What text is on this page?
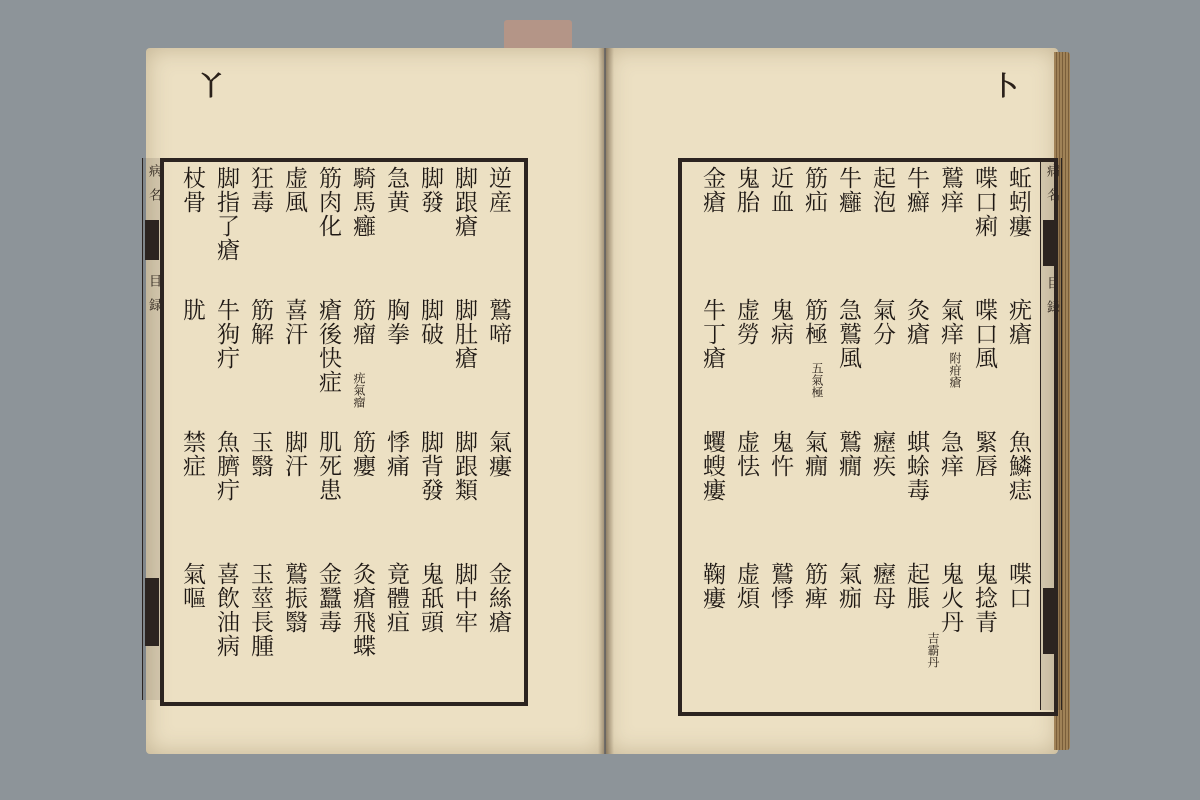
丫	卜
病
名
目
録
病
名
目
録
逆産
鷲啼
氣瘻
金絲瘡
脚跟瘡
脚肚瘡
脚跟類
脚中牢
脚發
脚破
脚背發
鬼舐頭
急黄
胸拳
悸痛
竟體疽
騎馬癰
筋瘤
筋癭
灸瘡飛蝶
筋肉化
瘡後快症
肌死患
金蠶毒
虚風
喜汗
脚汗
鷲振翳
狂毒
筋解
玉翳
玉莖長腫
脚指了瘡
牛狗疔
魚臍疔
喜飲油病
杖骨
肬
禁症
氣嘔
疣氣瘤
蚯蚓瘻
疣瘡
魚鱗痣
喋口
喋口痢
喋口風
緊唇
鬼捻青
鷲痒
氣痒
急痒
鬼火丹
牛癬
灸瘡
蜞蜍毒
起脹
起泡
氣分
癧疾
癧母
牛癰
急鷲風
鷲癇
氣痂
筋疝
筋極
氣癇
筋痺
近血
鬼病
鬼忤
鷲悸
鬼胎
虚勞
虚怯
虚煩
金瘡
牛丁瘡
蠼螋瘻
鞠瘻
附疳瘡
吉霸丹
五氣極
